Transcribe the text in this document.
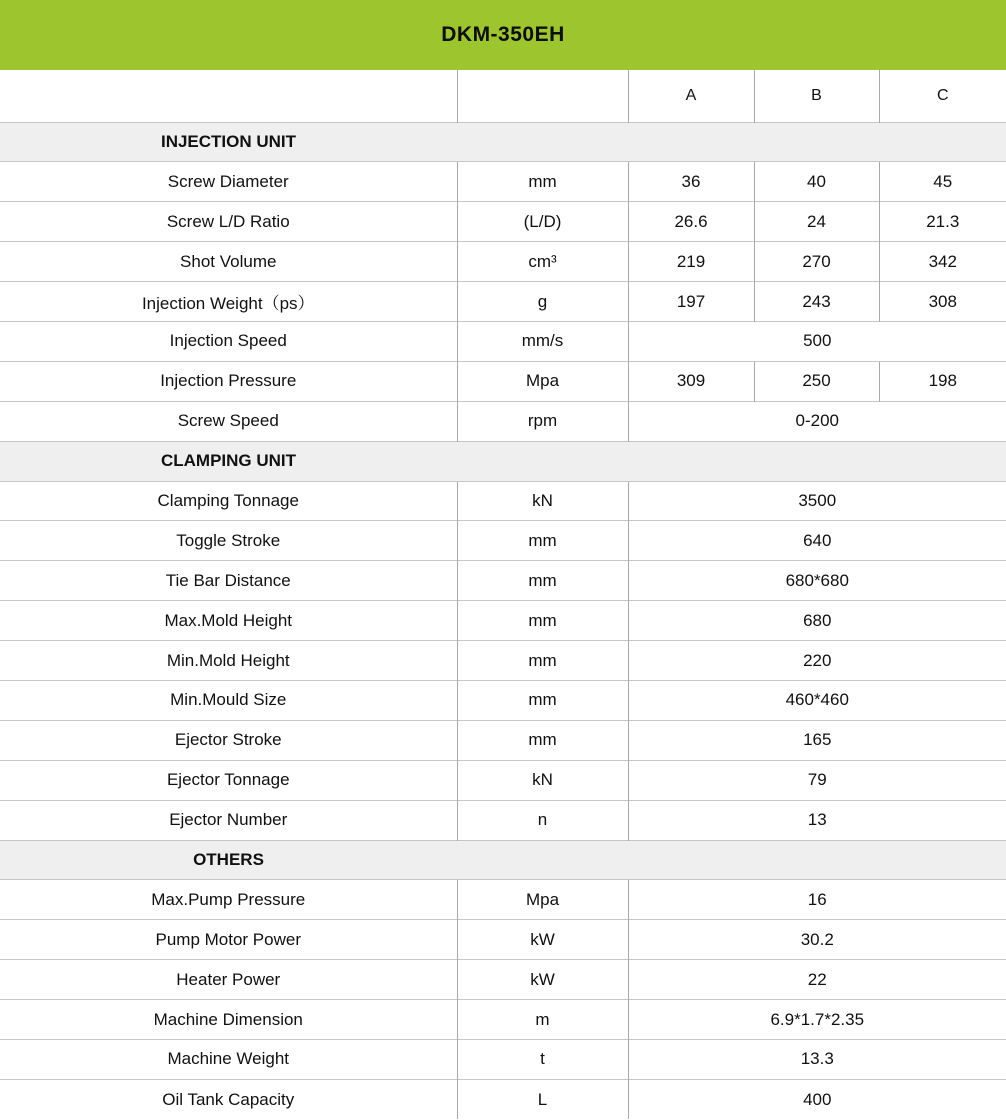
DKM-350EH
		A	B	C

INJECTION UNIT				

Screw Diameter	mm	36	40	45
Screw L/D Ratio	(L/D)	26.6	24	21.3
Shot Volume	cm³	219	270	342
Injection Weight（ps）	g	197	243	308
Injection Speed	mm/s	500		
Injection Pressure	Mpa	309	250	198
Screw Speed	rpm	0-200		

CLAMPING UNIT				

Clamping Tonnage	kN	3500		
Toggle Stroke	mm	640		
Tie Bar Distance	mm	680*680		
Max.Mold Height	mm	680		
Min.Mold Height	mm	220		
Min.Mould Size	mm	460*460		
Ejector Stroke	mm	165		
Ejector Tonnage	kN	79		
Ejector Number	n	13		

OTHERS				

Max.Pump Pressure	Mpa	16		
Pump Motor Power	kW	30.2		
Heater Power	kW	22		
Machine Dimension	m	6.9*1.7*2.35		
Machine Weight	t	13.3		
Oil Tank Capacity	L	400		
